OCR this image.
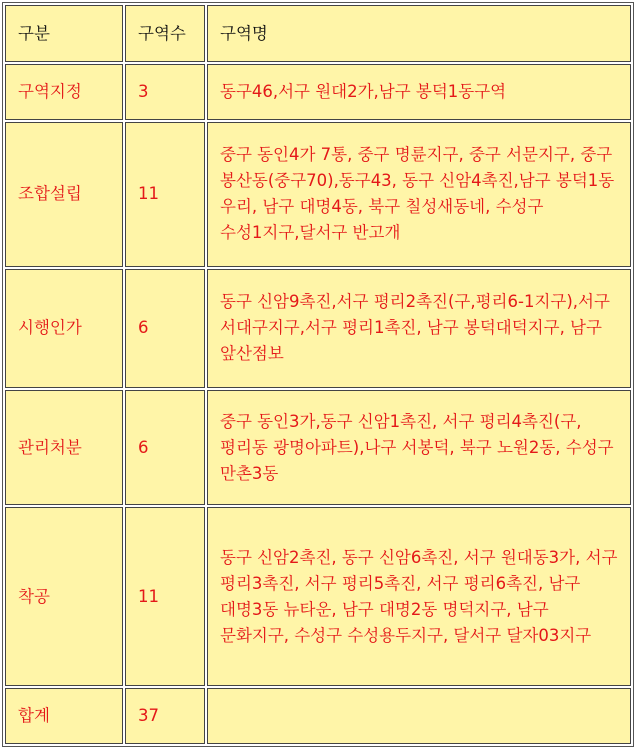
구분	구역수	구역명
구역지정	3	동구46,서구 원대2가,남구 봉덕1동구역
조합설립	11	중구 동인4가 7통, 중구 명륜지구, 중구 서문지구, 중구 봉산동(중구70),동구43, 동구 신암4촉진,남구 봉덕1동 우리, 남구 대명4동, 북구 칠성새동네, 수성구 수성1지구,달서구 반고개
시행인가	6	동구 신암9촉진,서구 평리2촉진(구,평리6-1지구),서구 서대구지구,서구 평리1촉진, 남구 봉덕대덕지구, 남구 앞산점보
관리처분	6	중구 동인3가,동구 신암1촉진, 서구 평리4촉진(구,평리동 광명아파트),나구 서봉덕, 북구 노원2동, 수성구 만촌3동
착공	11	동구 신암2촉진, 동구 신암6촉진, 서구 원대동3가, 서구 평리3촉진, 서구 평리5촉진, 서구 평리6촉진, 남구 대명3동 뉴타운, 남구 대명2동 명덕지구, 남구 문화지구, 수성구 수성용두지구, 달서구 달자03지구
합계	37	
